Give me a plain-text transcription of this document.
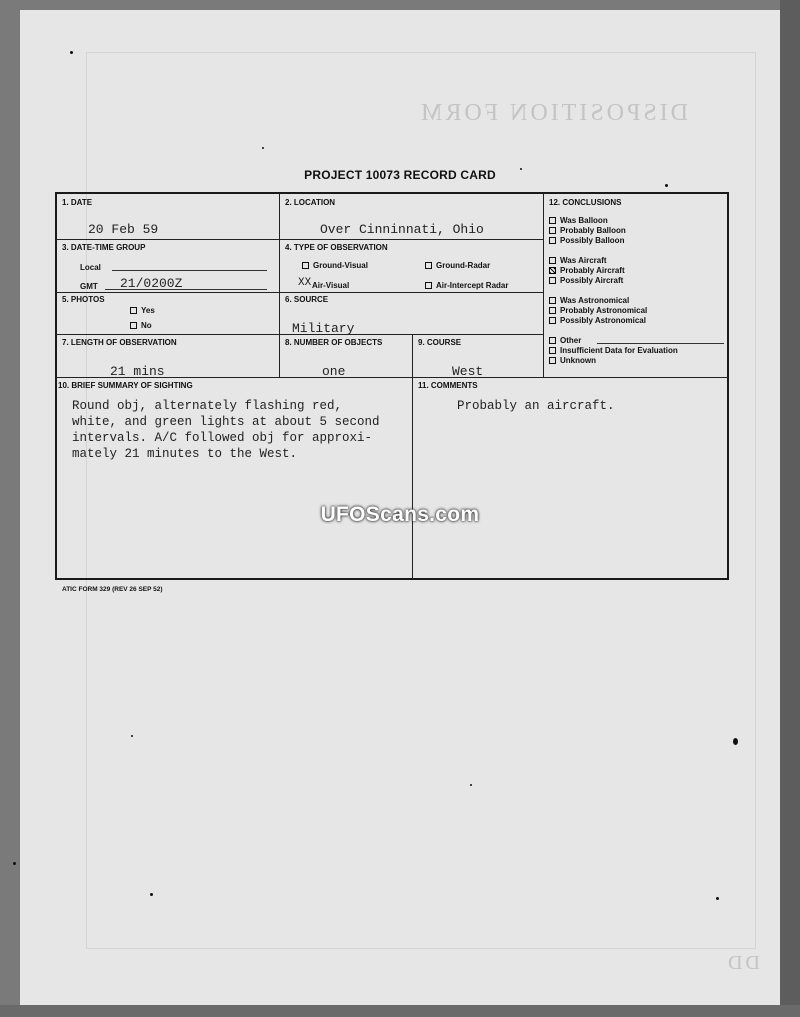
DISPOSITION FORM
DD
PROJECT 10073 RECORD CARD
1. DATE
20 Feb 59
2. LOCATION
Over Cinninnati, Ohio
3. DATE-TIME GROUP
Local
GMT 21/0200Z
4. TYPE OF OBSERVATION
Ground-Visual	Ground-Radar
Air-Visual
XX	Air-Intercept Radar
5. PHOTOS
Yes
No
6. SOURCE
Military
7. LENGTH OF OBSERVATION
21 mins
8. NUMBER OF OBJECTS
one
9. COURSE
West
12. CONCLUSIONS
Was Balloon
Probably Balloon
Possibly Balloon
Was Aircraft
Probably Aircraft
Possibly Aircraft
Was Astronomical
Probably Astronomical
Possibly Astronomical
Other
Insufficient Data for Evaluation
Unknown
10. BRIEF SUMMARY OF SIGHTING
Round obj, alternately flashing red,
white, and green lights at about 5 second
intervals. A/C followed obj for approxi-
mately 21 minutes to the West.
11. COMMENTS
Probably an aircraft.
UFOScans.com
ATIC FORM 329 (REV 26 SEP 52)
